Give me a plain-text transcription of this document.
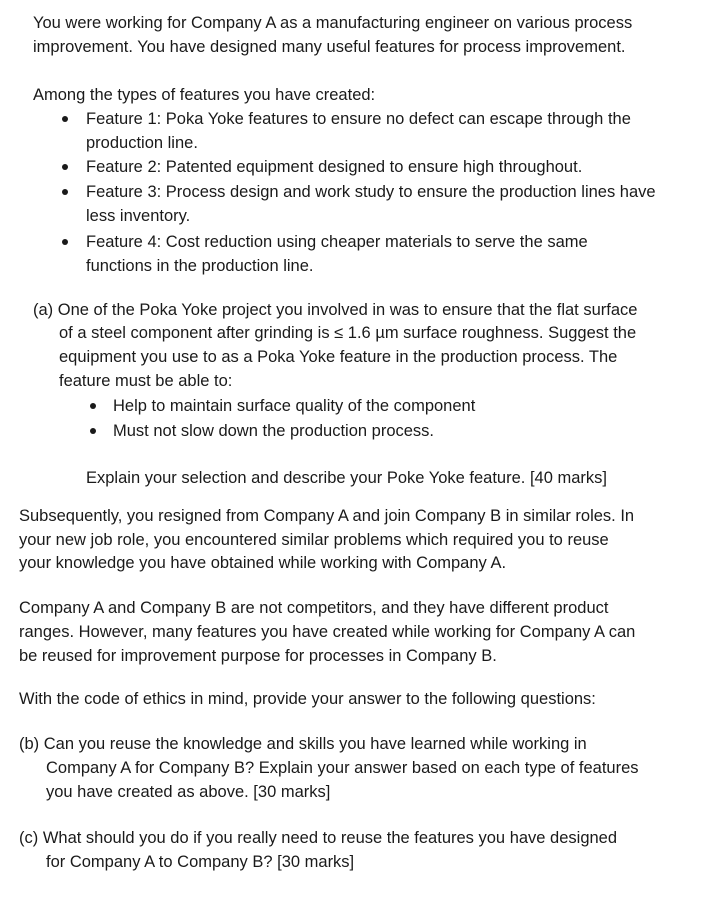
You were working for Company A as a manufacturing engineer on various process
improvement. You have designed many useful features for process improvement.
Among the types of features you have created:
Feature 1: Poka Yoke features to ensure no defect can escape through the
production line.
Feature 2: Patented equipment designed to ensure high throughout.
Feature 3: Process design and work study to ensure the production lines have
less inventory.
Feature 4: Cost reduction using cheaper materials to serve the same
functions in the production line.
(a) One of the Poka Yoke project you involved in was to ensure that the flat surface
of a steel component after grinding is ≤ 1.6 µm surface roughness. Suggest the
equipment you use to as a Poka Yoke feature in the production process. The
feature must be able to:
Help to maintain surface quality of the component
Must not slow down the production process.
Explain your selection and describe your Poke Yoke feature. [40 marks]
Subsequently, you resigned from Company A and join Company B in similar roles. In
your new job role, you encountered similar problems which required you to reuse
your knowledge you have obtained while working with Company A.
Company A and Company B are not competitors, and they have different product
ranges. However, many features you have created while working for Company A can
be reused for improvement purpose for processes in Company B.
With the code of ethics in mind, provide your answer to the following questions:
(b) Can you reuse the knowledge and skills you have learned while working in
Company A for Company B? Explain your answer based on each type of features
you have created as above. [30 marks]
(c) What should you do if you really need to reuse the features you have designed
for Company A to Company B? [30 marks]
